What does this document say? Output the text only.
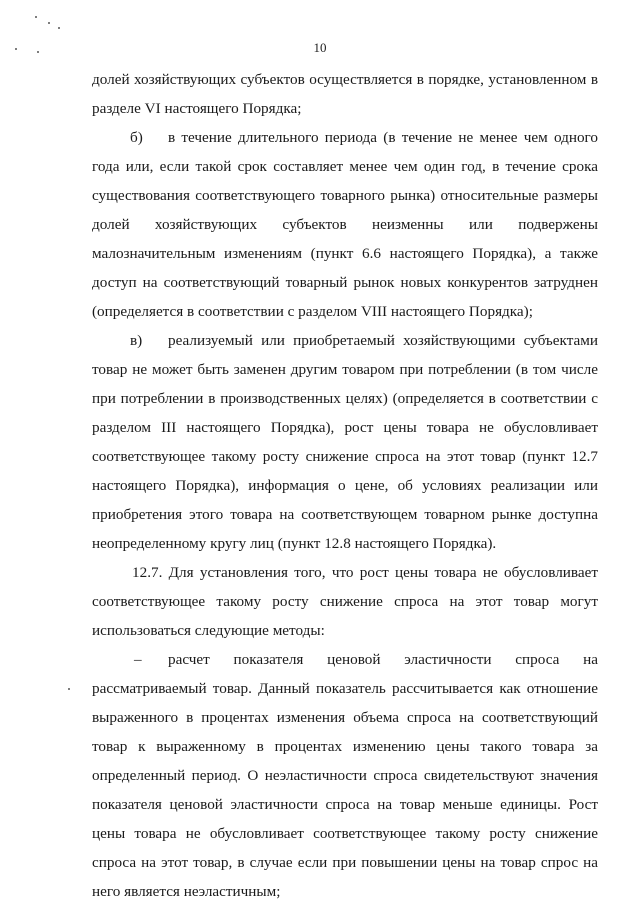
10
долей хозяйствующих субъектов осуществляется в порядке, установленном в
разделе VI настоящего Порядка;
б) в течение длительного периода (в течение не менее чем одного
года или, если такой срок составляет менее чем один год, в течение срока
существования соответствующего товарного рынка) относительные размеры
долей хозяйствующих субъектов неизменны или подвержены
малозначительным изменениям (пункт 6.6 настоящего Порядка), а также
доступ на соответствующий товарный рынок новых конкурентов затруднен
(определяется в соответствии с разделом VIII настоящего Порядка);
в) реализуемый или приобретаемый хозяйствующими субъектами
товар не может быть заменен другим товаром при потреблении (в том числе
при потреблении в производственных целях) (определяется в соответствии с
разделом III настоящего Порядка), рост цены товара не обусловливает
соответствующее такому росту снижение спроса на этот товар (пункт 12.7
настоящего Порядка), информация о цене, об условиях реализации или
приобретения этого товара на соответствующем товарном рынке доступна
неопределенному кругу лиц (пункт 12.8 настоящего Порядка).
12.7. Для установления того, что рост цены товара не обусловливает
соответствующее такому росту снижение спроса на этот товар могут
использоваться следующие методы:
– расчет показателя ценовой эластичности спроса на
рассматриваемый товар. Данный показатель рассчитывается как отношение
выраженного в процентах изменения объема спроса на соответствующий
товар к выраженному в процентах изменению цены такого товара за
определенный период. О неэластичности спроса свидетельствуют значения
показателя ценовой эластичности спроса на товар меньше единицы. Рост
цены товара не обусловливает соответствующее такому росту снижение
спроса на этот товар, в случае если при повышении цены на товар спрос на
него является неэластичным;
